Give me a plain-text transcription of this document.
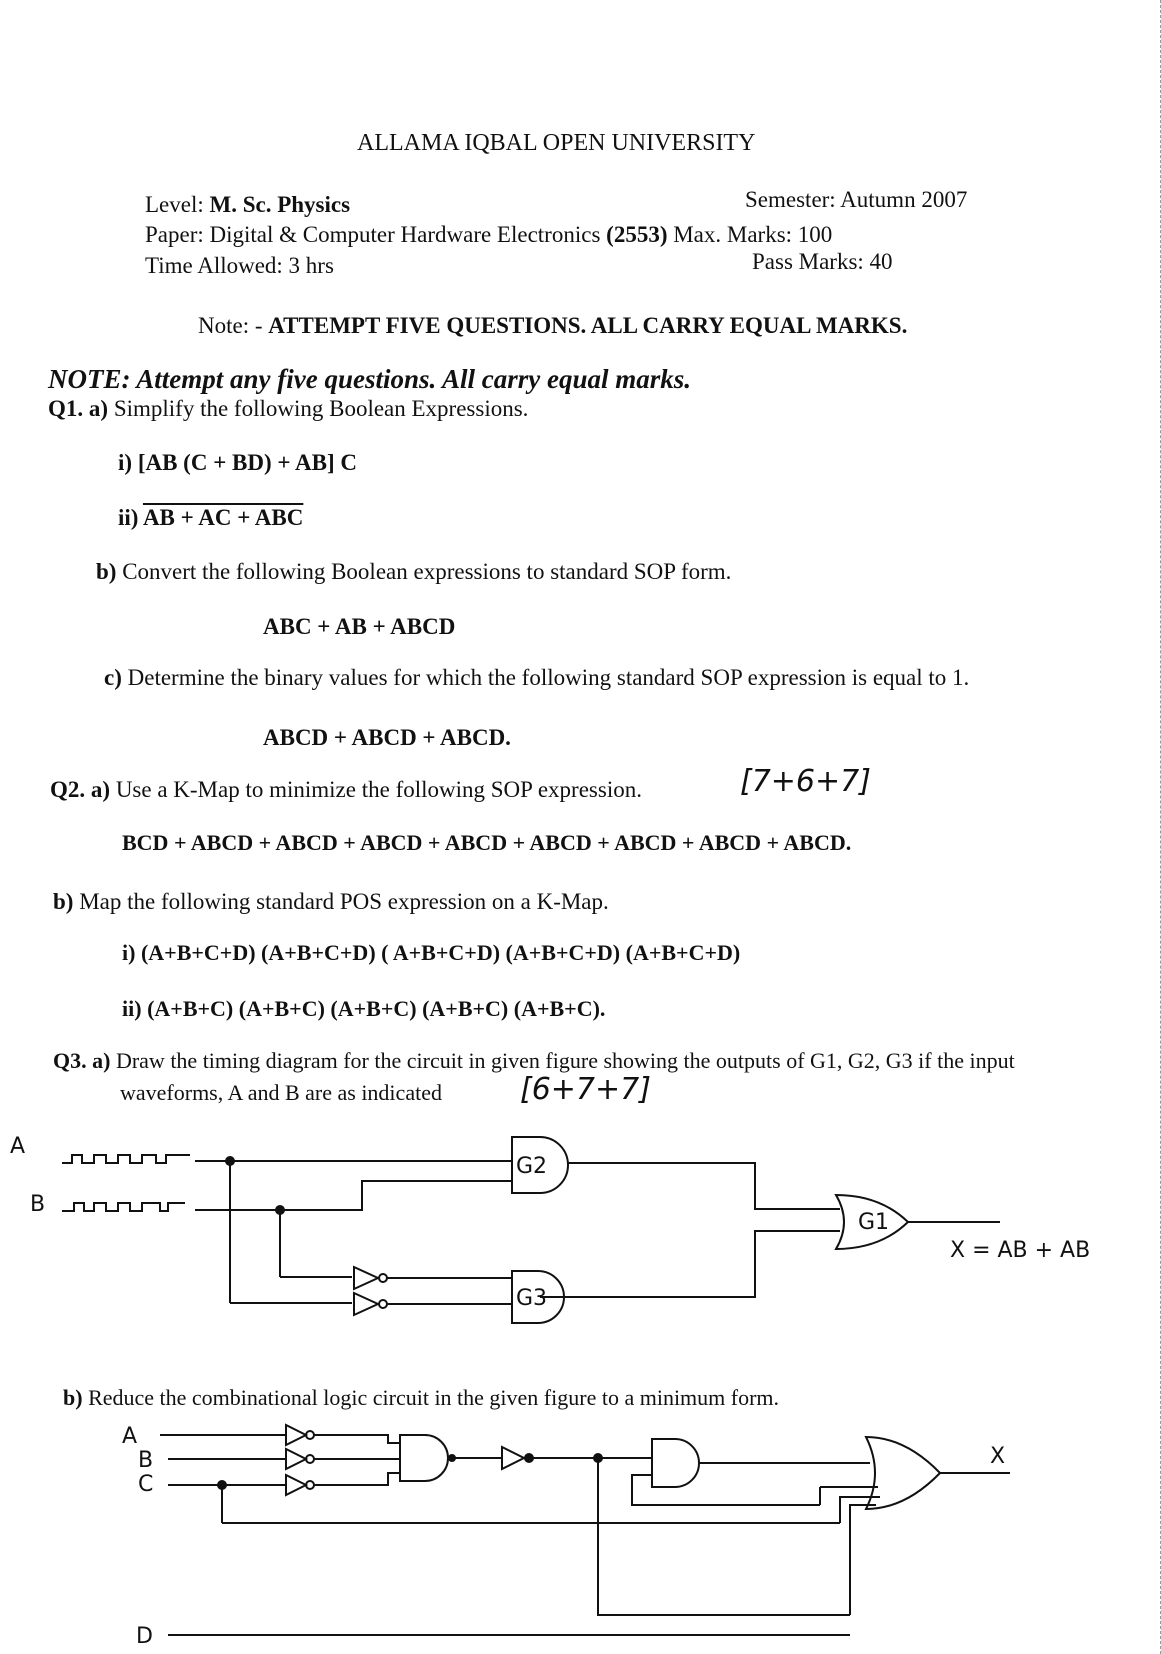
ALLAMA IQBAL OPEN UNIVERSITY
Level: M. Sc. Physics	Semester: Autumn 2007
Paper: Digital & Computer Hardware Electronics (2553) Max. Marks: 100
Time Allowed: 3 hrs	Pass Marks: 40
Note: - ATTEMPT FIVE QUESTIONS. ALL CARRY EQUAL MARKS.
NOTE: Attempt any five questions. All carry equal marks.
Q1. a) Simplify the following Boolean Expressions.
i) [AB (C + BD) + AB] C
ii) AB + AC + ABC
b) Convert the following Boolean expressions to standard SOP form.
ABC + AB + ABCD
c) Determine the binary values for which the following standard SOP expression is equal to 1.
ABCD + ABCD + ABCD.
Q2. a) Use a K-Map to minimize the following SOP expression.	[7+6+7]
BCD + ABCD + ABCD + ABCD + ABCD + ABCD + ABCD + ABCD + ABCD.
b) Map the following standard POS expression on a K-Map.
i) (A+B+C+D) (A+B+C+D) ( A+B+C+D) (A+B+C+D) (A+B+C+D)
ii) (A+B+C) (A+B+C) (A+B+C) (A+B+C) (A+B+C).
Q3. a) Draw the timing diagram for the circuit in given figure showing the outputs of G1, G2, G3 if the input
waveforms, A and B are as indicated	[6+7+7]
A
B
G2
G3
G1
X = AB + AB
b) Reduce the combinational logic circuit in the given figure to a minimum form.
A
B
C
D
X
